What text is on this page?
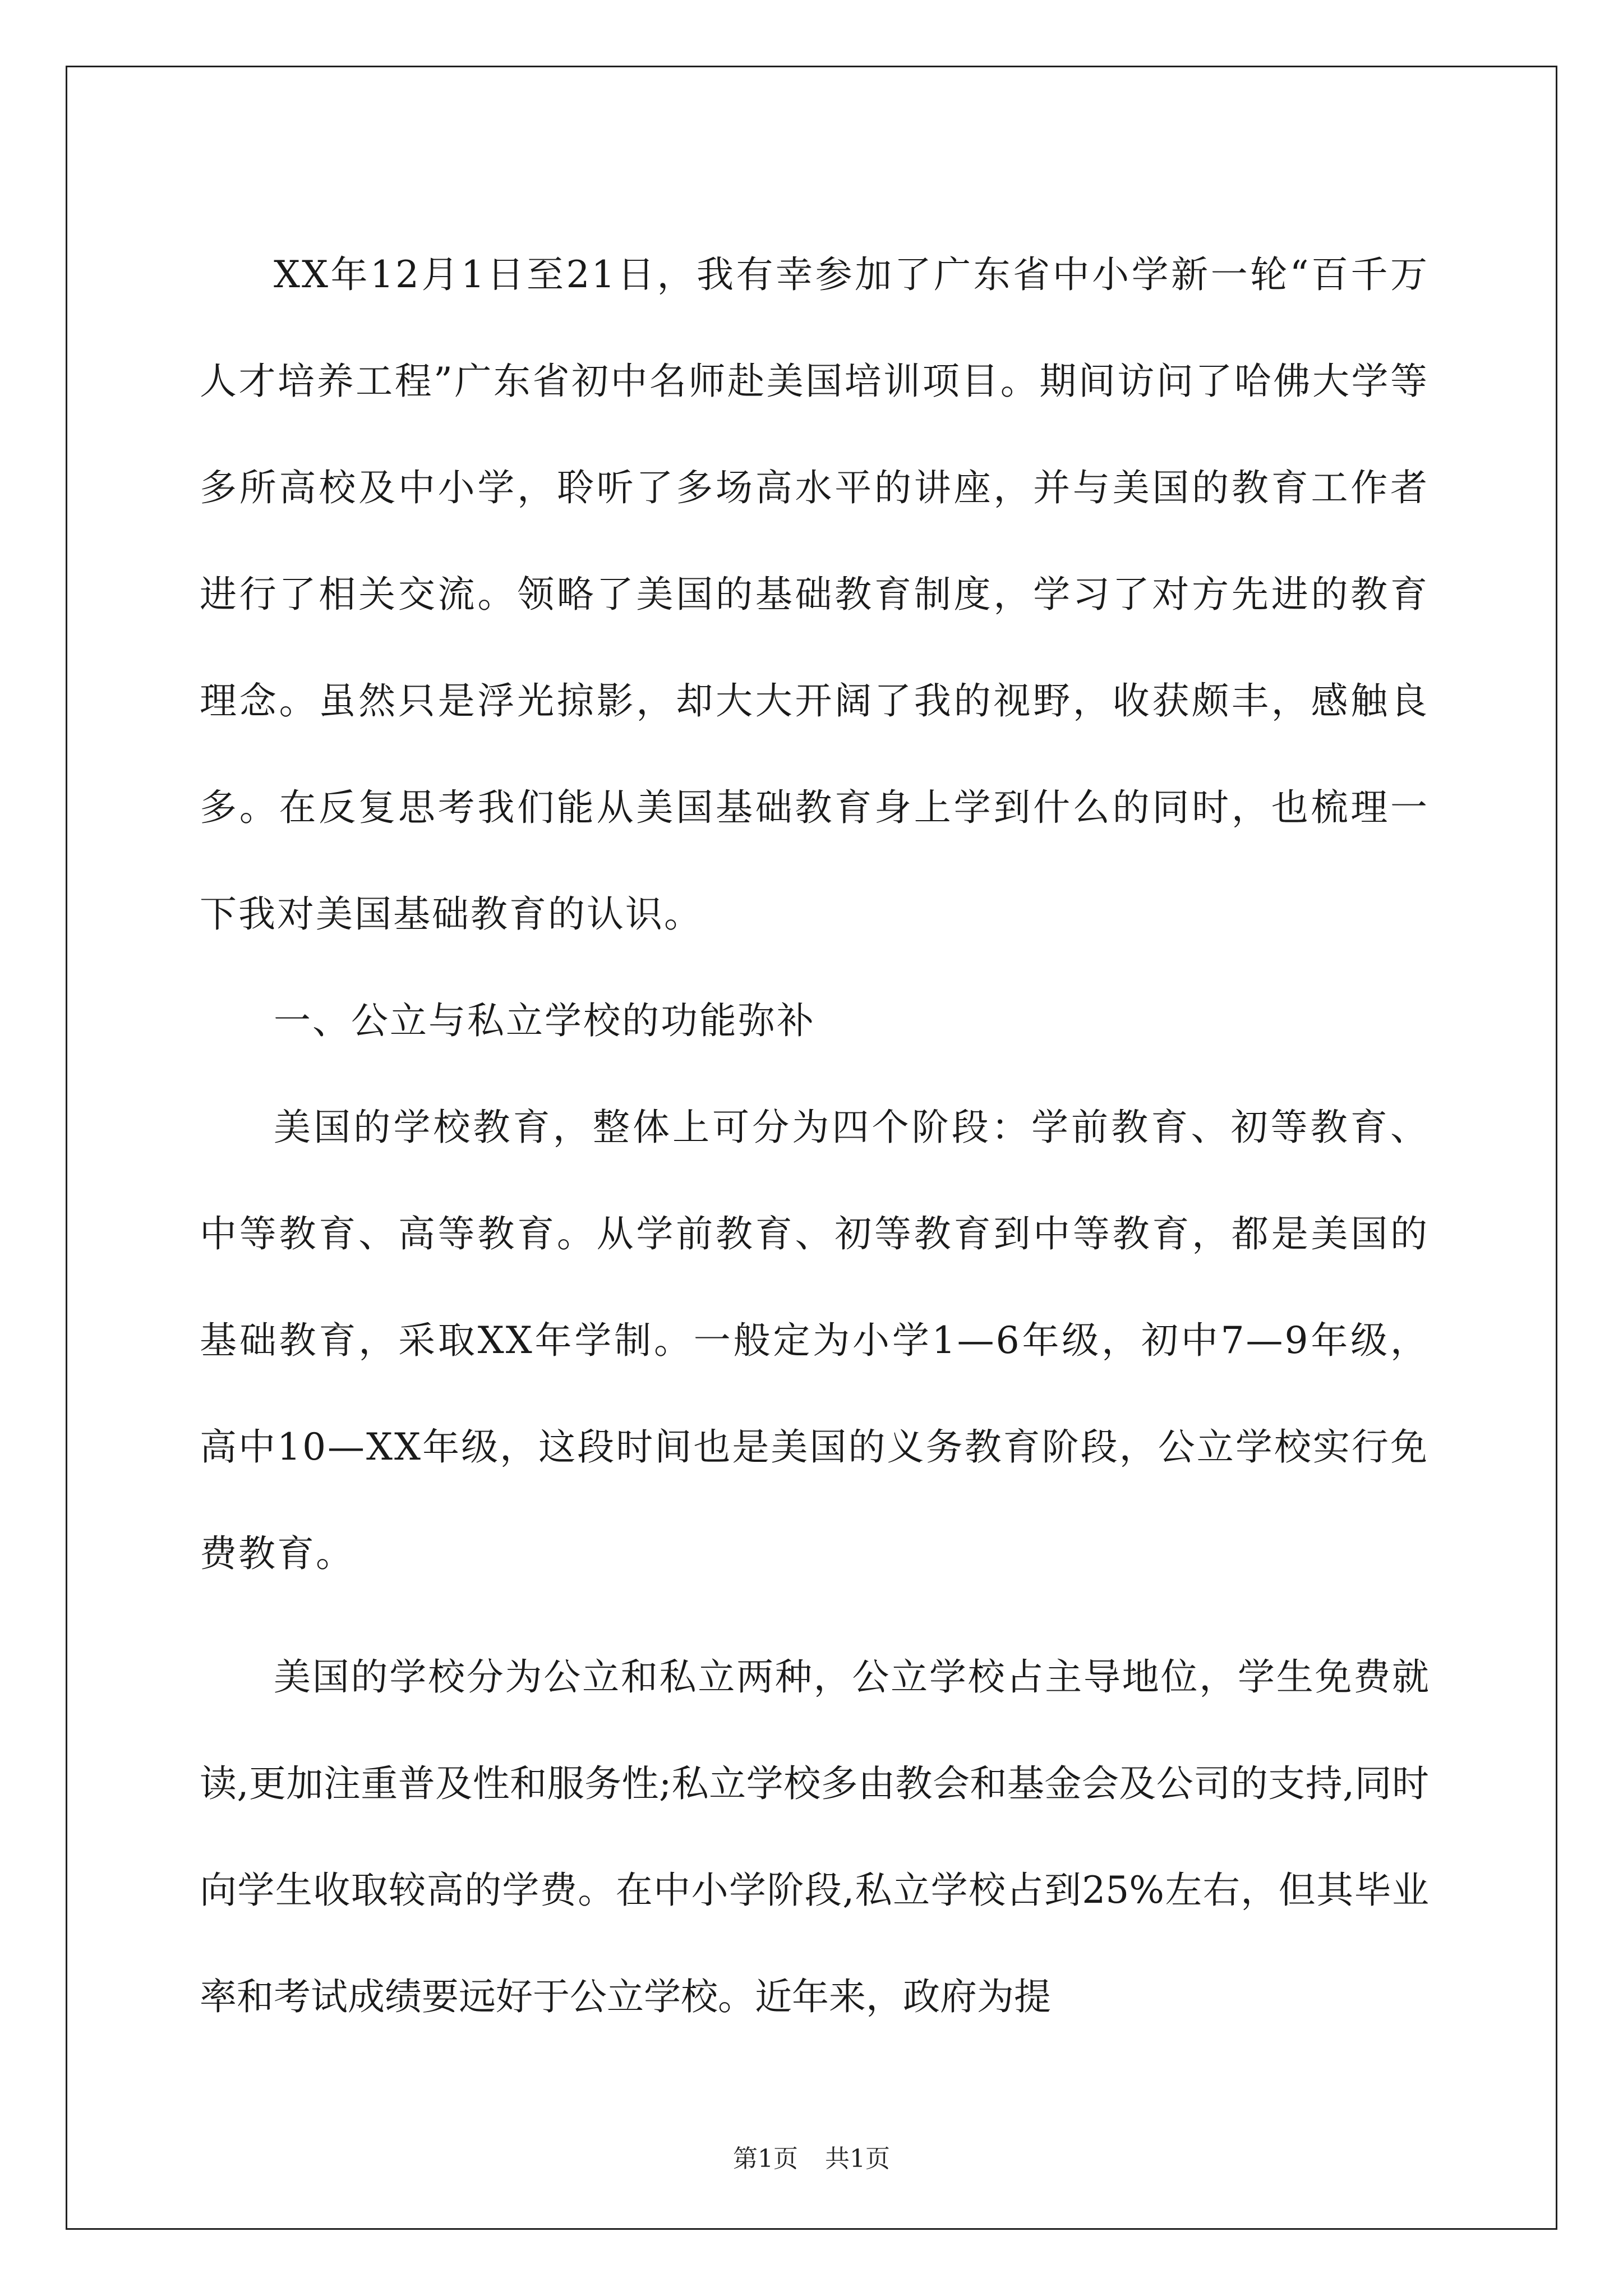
XX年12月1日至21日，我有幸参加了广东省中小学新一轮“百千万人才培养工程”广东省初中名师赴美国培训项目。期间访问了哈佛大学等多所高校及中小学，聆听了多场高水平的讲座，并与美国的教育工作者进行了相关交流。领略了美国的基础教育制度，学习了对方先进的教育理念。虽然只是浮光掠影，却大大开阔了我的视野，收获颇丰，感触良多。在反复思考我们能从美国基础教育身上学到什么的同时，也梳理一下我对美国基础教育的认识。

一、公立与私立学校的功能弥补

美国的学校教育，整体上可分为四个阶段：学前教育、初等教育、中等教育、高等教育。从学前教育、初等教育到中等教育，都是美国的基础教育，采取XX年学制。一般定为小学1—6年级，初中7—9年级，高中10—XX年级，这段时间也是美国的义务教育阶段，公立学校实行免费教育。

美国的学校分为公立和私立两种，公立学校占主导地位，学生免费就读,更加注重普及性和服务性;私立学校多由教会和基金会及公司的支持,同时向学生收取较高的学费。在中小学阶段,私立学校占到25%左右，但其毕业率和考试成绩要远好于公立学校。近年来，政府为提

第1页 共1页
